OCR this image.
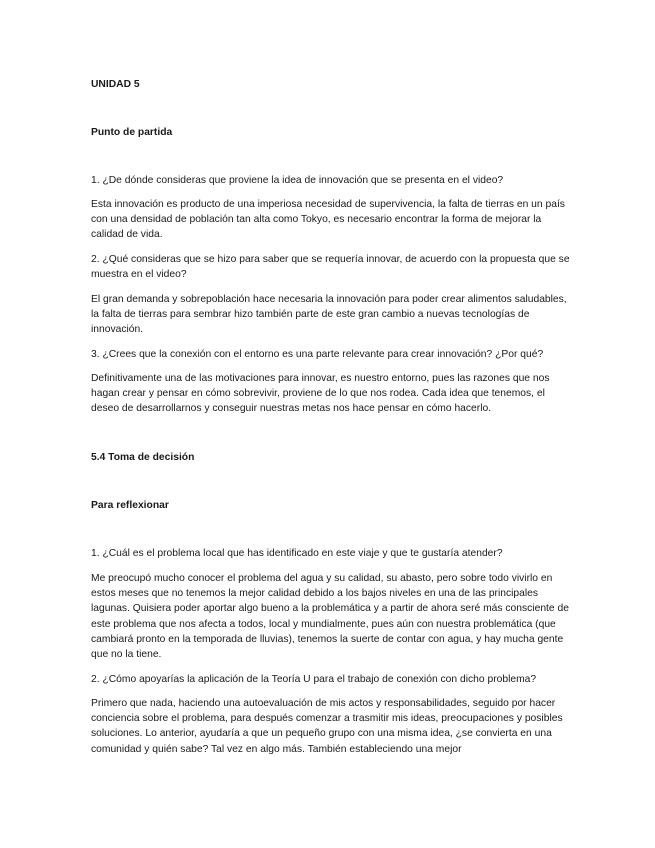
UNIDAD 5

Punto de partida

1. ¿De dónde consideras que proviene la idea de innovación que se presenta en el video?

Esta innovación es producto de una imperiosa necesidad de supervivencia, la falta de tierras en un país con una densidad de población tan alta como Tokyo, es necesario encontrar la forma de mejorar la calidad de vida.

2. ¿Qué consideras que se hizo para saber que se requería innovar, de acuerdo con la propuesta que se muestra en el video?

El gran demanda y sobrepoblación hace necesaria la innovación para poder crear alimentos saludables, la falta de tierras para sembrar hizo también parte de este gran cambio a nuevas tecnologías de innovación.

3. ¿Crees que la conexión con el entorno es una parte relevante para crear innovación? ¿Por qué?

Definitivamente una de las motivaciones para innovar, es nuestro entorno, pues las razones que nos hagan crear y pensar en cómo sobrevivir, proviene de lo que nos rodea. Cada idea que tenemos, el deseo de desarrollarnos y conseguir nuestras metas nos hace pensar en cómo hacerlo.

5.4 Toma de decisión

Para reflexionar

1. ¿Cuál es el problema local que has identificado en este viaje y que te gustaría atender?

Me preocupó mucho conocer el problema del agua y su calidad, su abasto, pero sobre todo vivirlo en estos meses que no tenemos la mejor calidad debido a los bajos niveles en una de las principales lagunas. Quisiera poder aportar algo bueno a la problemática y a partir de ahora seré más consciente de este problema que nos afecta a todos, local y mundialmente, pues aún con nuestra problemática (que cambiará pronto en la temporada de lluvias), tenemos la suerte de contar con agua, y hay mucha gente que no la tiene.

2. ¿Cómo apoyarías la aplicación de la Teoría U para el trabajo de conexión con dicho problema?

Primero que nada, haciendo una autoevaluación de mis actos y responsabilidades, seguido por hacer conciencia sobre el problema, para después comenzar a trasmitir mis ideas, preocupaciones y posibles soluciones. Lo anterior, ayudaría a que un pequeño grupo con una misma idea, ¿se convierta en una comunidad y quién sabe? Tal vez en algo más. También estableciendo una mejor
